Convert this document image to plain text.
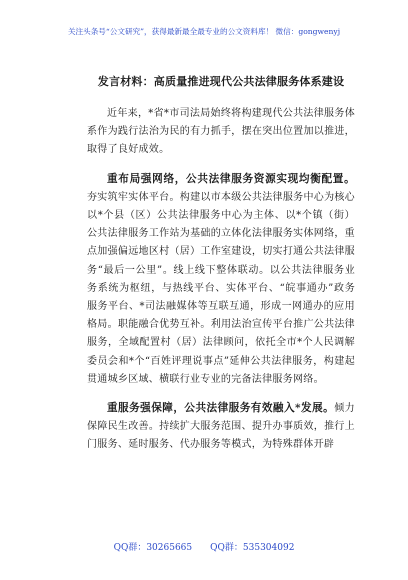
关注头条号“公文研究”，获得最新最全最专业的公文资料库！ 微信：gongwenyj
发言材料：高质量推进现代公共法律服务体系建设

近年来，*省*市司法局始终将构建现代公共法律服务体系作为践行法治为民的有力抓手，摆在突出位置加以推进，取得了良好成效。

重布局强网络，公共法律服务资源实现均衡配置。夯实筑牢实体平台。构建以市本级公共法律服务中心为核心以*个县（区）公共法律服务中心为主体、以*个镇（街）公共法律服务工作站为基础的立体化法律服务实体网络，重点加强偏远地区村（居）工作室建设，切实打通公共法律服务“最后一公里”。线上线下整体联动。以公共法律服务业务系统为枢纽，与热线平台、实体平台、“皖事通办”政务服务平台、*司法融媒体等互联互通，形成一网通办的应用格局。职能融合优势互补。利用法治宣传平台推广公共法律服务，全域配置村（居）法律顾问，依托全市*个人民调解委员会和*个“百姓评理说事点”延伸公共法律服务，构建起贯通城乡区域、横联行业专业的完备法律服务网络。

重服务强保障，公共法律服务有效融入*发展。倾力保障民生改善。持续扩大服务范围、提升办事质效，推行上门服务、延时服务、代办服务等模式，为特殊群体开辟

QQ群：30265665 QQ群：535304092
